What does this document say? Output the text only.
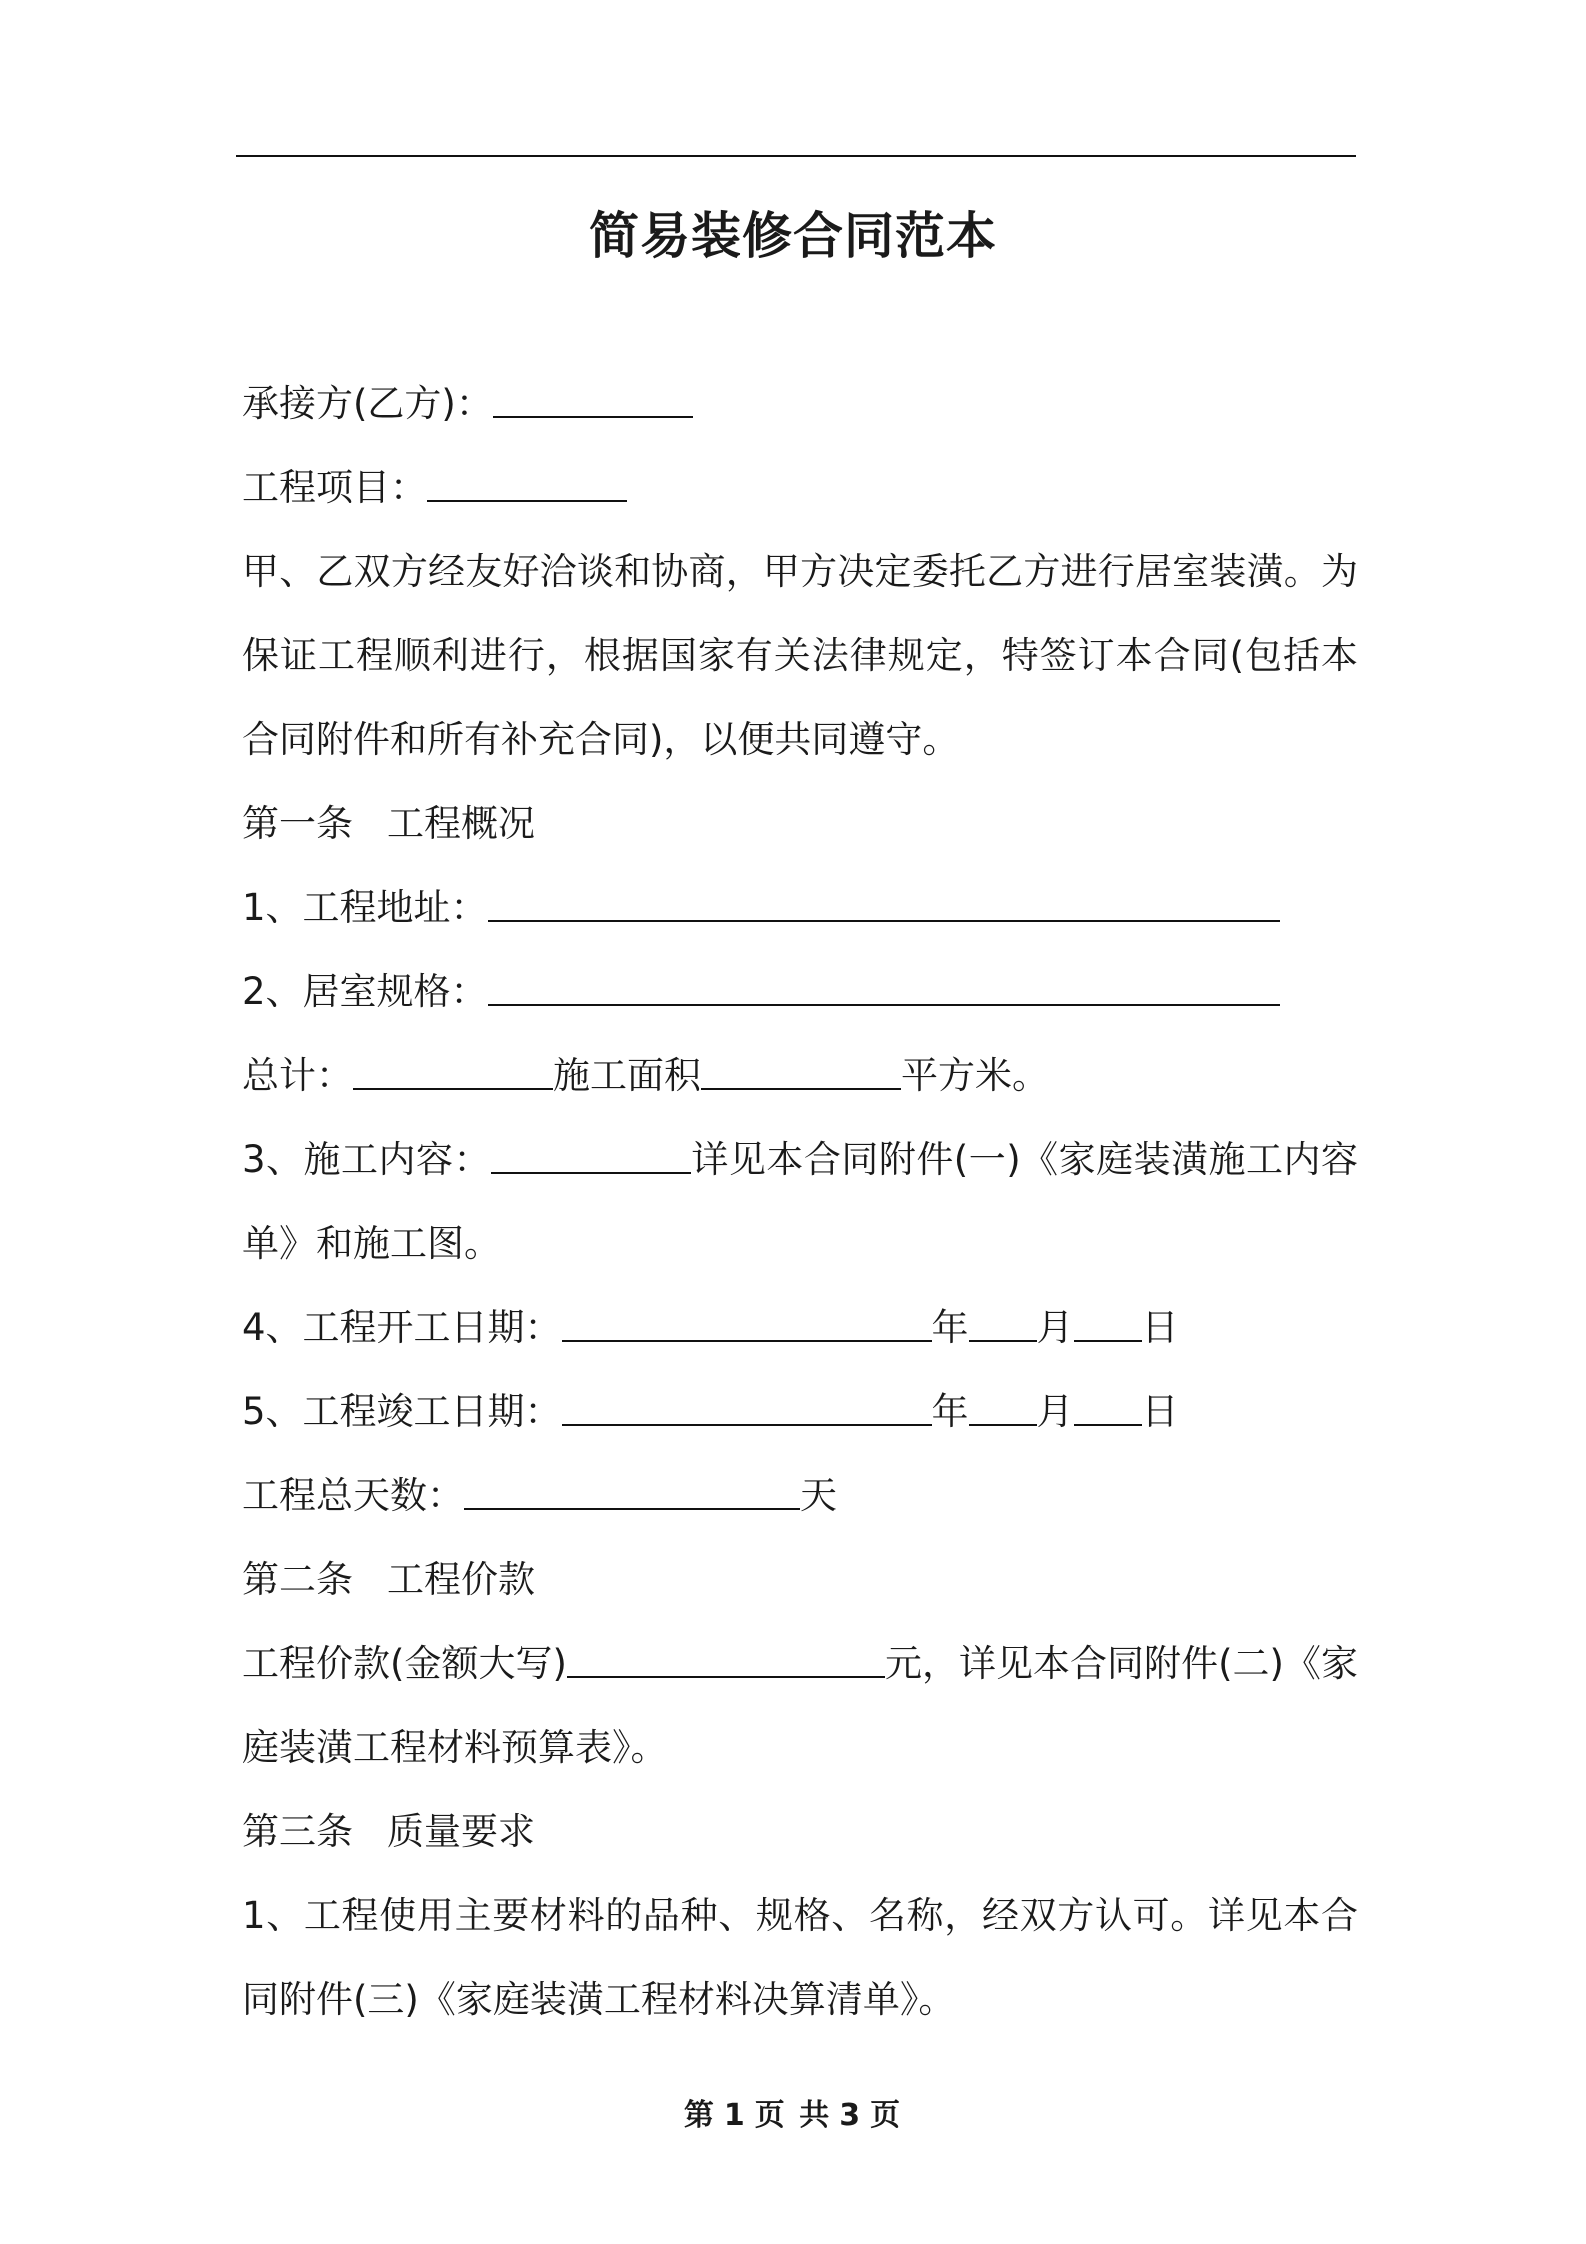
简易装修合同范本
承接方(乙方)：
工程项目：
甲、乙双方经友好洽谈和协商，甲方决定委托乙方进行居室装潢。为保证工程顺利进行，根据国家有关法律规定，特签订本合同(包括本合同附件和所有补充合同)，以便共同遵守。
第一条 工程概况
1、工程地址：
2、居室规格：
总计：	施工面积	平方米。
3、施工内容：	详见本合同附件(一)《家庭装潢施工内容单》和施工图。
4、工程开工日期：	年 月 日
5、工程竣工日期：	年 月 日
工程总天数：	天
第二条 工程价款
工程价款(金额大写)	元，详见本合同附件(二)《家庭装潢工程材料预算表》。
第三条 质量要求
1、工程使用主要材料的品种、规格、名称，经双方认可。详见本合同附件(三)《家庭装潢工程材料决算清单》。
第 1 页 共 3 页
